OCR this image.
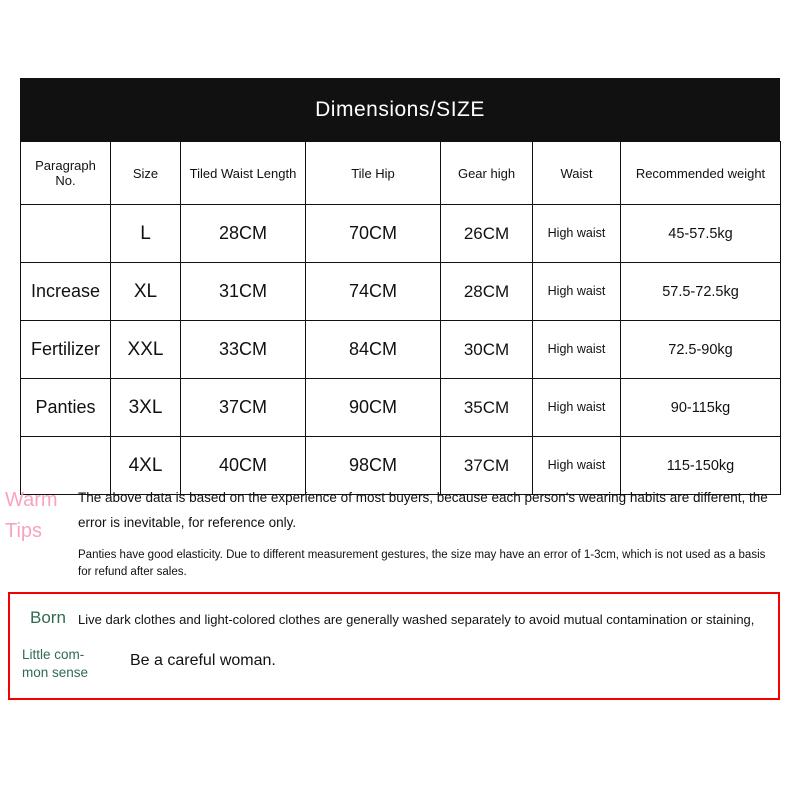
Dimensions/SIZE
Paragraph No.	Size	Tiled Waist Length	Tile Hip	Gear high	Waist	Recommended weight
	L	28CM	70CM	26CM	High waist	45-57.5kg
Increase	XL	31CM	74CM	28CM	High waist	57.5-72.5kg
Fertilizer	XXL	33CM	84CM	30CM	High waist	72.5-90kg
Panties	3XL	37CM	90CM	35CM	High waist	90-115kg
	4XL	40CM	98CM	37CM	High waist	115-150kg
Warm
Tips
The above data is based on the experience of most buyers, because each person's wearing habits are different, the error is inevitable, for reference only.
Panties have good elasticity. Due to different measurement gestures, the size may have an error of 1-3cm, which is not used as a basis for refund after sales.
Born Live dark clothes and light-colored clothes are generally washed separately to avoid mutual contamination or staining,
Little com-
mon sense
Be a careful woman.
